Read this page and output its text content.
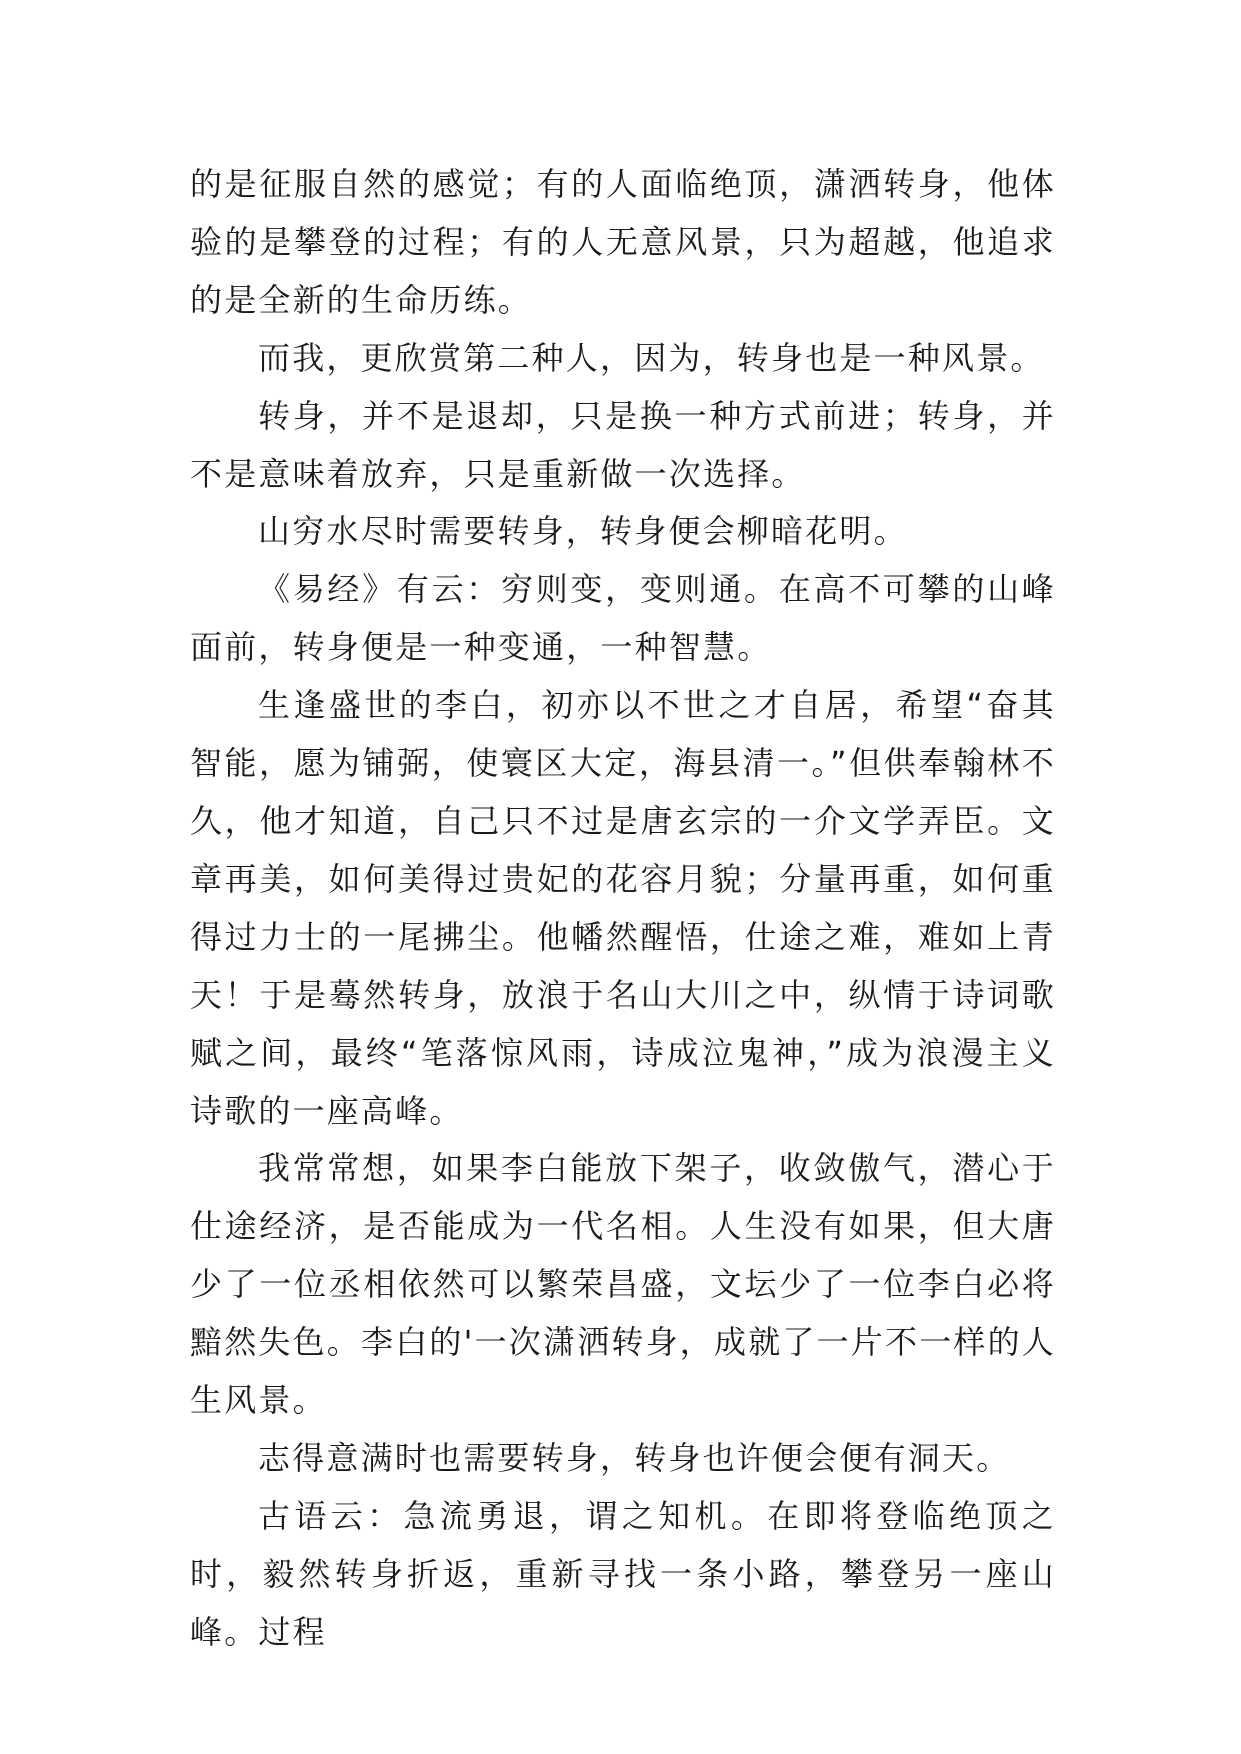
的是征服自然的感觉；有的人面临绝顶，潇洒转身，他体验的是攀登的过程；有的人无意风景，只为超越，他追求的是全新的生命历练。

而我，更欣赏第二种人，因为，转身也是一种风景。

转身，并不是退却，只是换一种方式前进；转身，并不是意味着放弃，只是重新做一次选择。

山穷水尽时需要转身，转身便会柳暗花明。

《易经》有云：穷则变，变则通。在高不可攀的山峰面前，转身便是一种变通，一种智慧。

生逢盛世的李白，初亦以不世之才自居，希望“奋其智能，愿为铺弼，使寰区大定，海县清一。”但供奉翰林不久，他才知道，自己只不过是唐玄宗的一介文学弄臣。文章再美，如何美得过贵妃的花容月貌；分量再重，如何重得过力士的一尾拂尘。他幡然醒悟，仕途之难，难如上青天！于是蓦然转身，放浪于名山大川之中，纵情于诗词歌赋之间，最终“笔落惊风雨，诗成泣鬼神，”成为浪漫主义诗歌的一座高峰。

我常常想，如果李白能放下架子，收敛傲气，潜心于仕途经济，是否能成为一代名相。人生没有如果，但大唐少了一位丞相依然可以繁荣昌盛，文坛少了一位李白必将黯然失色。李白的'一次潇洒转身，成就了一片不一样的人生风景。

志得意满时也需要转身，转身也许便会便有洞天。

古语云：急流勇退，谓之知机。在即将登临绝顶之时，毅然转身折返，重新寻找一条小路，攀登另一座山峰。过程
